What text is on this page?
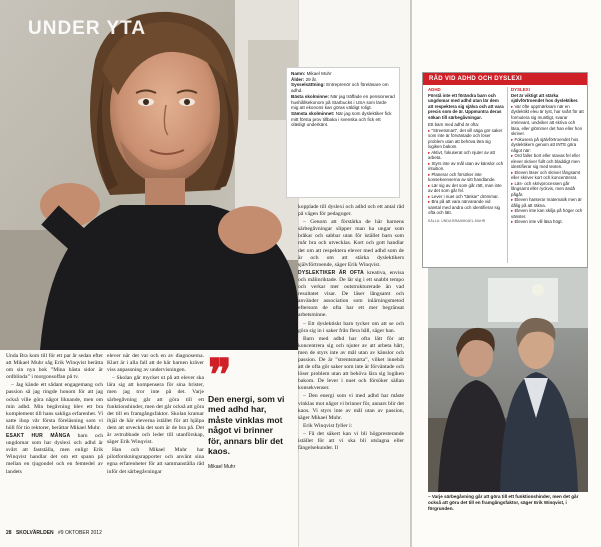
UNDER YTA

Unda Bra kom till för ett par år sedan efter att Mikael Muhr såg Erik Winqvist berätta om sin nya bok ”Mina bästa sidor är ordblinda” i morgonsoffan på tv.

– Jag kände ett sådant engagemang och passion så jag ringde honom för att jag också ville göra något liknande, men om min adhd. Min begåvning blev ett bra komplement till hans sakliga erfarenhet. Vi satte ihop vår första föreläsning som vi höll för tio rektorer, berättar Mikael Muhr.

ESAKT HUR MÅNGA barn och ungdomar som har dyslexi och adhd är svårt att fastställa, men enligt Erik Winqvist handlar det om ett spann på mellan en tjugondel och en femtedel av landets

elever när det var och en av diagnoserna. Klart är i alla fall att de här barnen kräver viss anpassning av undervisningen.

– Skolan går mycket ut på att elever ska lära sig att kompensera för sina brister, men jag tror inte på det. Varje särbegåvning går att göra till ett funktionshinder, men det går också att göra det till en framgångsfaktor. Skolan kramar ihjäl de här eleverna istället för att hjälpa dem att utveckla det som är de bra på. Det är avtrubbade och leder till utanförskap, säger Erik Winqvist.

Han och Mikael Muhr har pilotforskningsrapporter och använt sina egna erfarenheter för att sammanställa råd inför det särbegåvningar

❞
Den energi, som vi med adhd har, måste vinklas mot något vi brinner för, annars blir det kaos.
Mikael Muhr
28 SKOLVÄRLDEN #9 OKTOBER 2012
Namn: Mikael Muhr
Ålder: 29 år.
Sysselsättning: Entreprenör och föreläsare om adhd.
Bästa skolminne: När jag träffade en pensionerad hushållsekonom på Starbucks i USA som lärde mig att ekonomi kan göras väldigt roligt.
Sämsta skolminnet: När jag som dyslektiker fick mitt första prov tillbaka i svenska och fick ett oläsligt underkänt.

kopplade till dyslexi och adhd och ett antal råd på vägen för pedagoger.

– Genom att förstärka de här barnens särbegåvningar slipper man ha ungar som bråkar och sabbar utan för istället barn som mår bra och utvecklas. Kort och gott handlar det om att respektera elever med adhd som de är och om att stärka dyslektikers självförtroende, säger Erik Winqvist.

DYSLEKTIKER ÄR OFTA kreativa, envisa och målinriktade. De lär sig i ett snabbt tempo och verkar mer outstrukturerade än vad resultatet visar. De läser långsamt och använder association som inlärningsmetod eftersom de ofta har ett mer begränsat arbetsminne.

– Ett dyslektiskt barn tycker om att se och göra sig in i saker från flera håll, säger han.

Barn med adhd har ofta lätt för att koncentrera sig och njuter av att arbeta hårt, men de styrs inte av mål utan av känslor och passion. De är ”strentsmarta”, vilket innebär att de ofta gör saker som inte är förväntade och löser problem utan att behöva lära sig logiken bakom. De lever i nuet och försöker sällan konsekvenser.

– Den energi som vi med adhd har måste vinklas mot något vi brinner för, annars blir det kaos. Vi styrs inte av mål utan av passion, säger Mikael Muhr.

Erik Winqvist fyller i:

– Få det säkert kan vi bli högpresterande istället för att vi ska bli utslagna eller fängelsekunder. Il

RÅD VID ADHD OCH DYSLEXI
ADHD
Förstå inte ett förändra barn och ungdomar med adhd utan lär dem att respektera sig själva och att vara precis som de är. Uppmuntra deras sökan till särbegåvningar.
Ett barn med adhd är ofta:
▸ "Streetsmart", det vill säga gör saker som inte är förväntade och löser problem utan att behöva lära sig logiken bakom.
▸ Aktivt, fokuserat och njuter av att arbeta.
▸ Styrs inte av mål utan av känslor och intuition.
▸ Planerar och försöker inte konsekvenserna av sitt handlande.
▸ Lär sig av det som går rätt, man inte av det som går fel.
▸ Lever i nuet och ”tänkar” drömmar.
▸ Bra på att vara närvarande vid samtal med andra och identifierar sig ofta och lätt.
KÄLLA: UNDA BRA/MIKAEL MUHR
DYSLEXI
Det är viktigt att stärka självförtroendet hos dyslektiker.
▸ Var öfte uppmärksam när en dyslektikt eleu är tyst, har svårt för att formulera sig muntligt, svarar irrelevant, undviker att skriva och läsa, eller glömmer det han eller hon skriver.
▸ Fokusera på självförtroendet hos dyslektikern genom att INTE göra något när:
▸ Ord faller bort eller stavas fel eller elever skriver fullt och bladdigt men identifierar sig med texten.
▸ Eleven läser och skriver långsamt eller skriver kort och koncentrerat.
▸ Läs- och skrivprocessen går långsamt eller ryckvis, men ändå pågår.
▸ Eleven hanterar matematik men är dålig på att räkna.
▸ Eleven inte kan skilja på höger och vänster.
▸ Eleven inte vill läsa högt.
– Varje särbegåvning går att göra till ett funktionshinder, men det går också att göra det till en framgångsfaktor, säger Erik Winqvist, i förgrunden.
